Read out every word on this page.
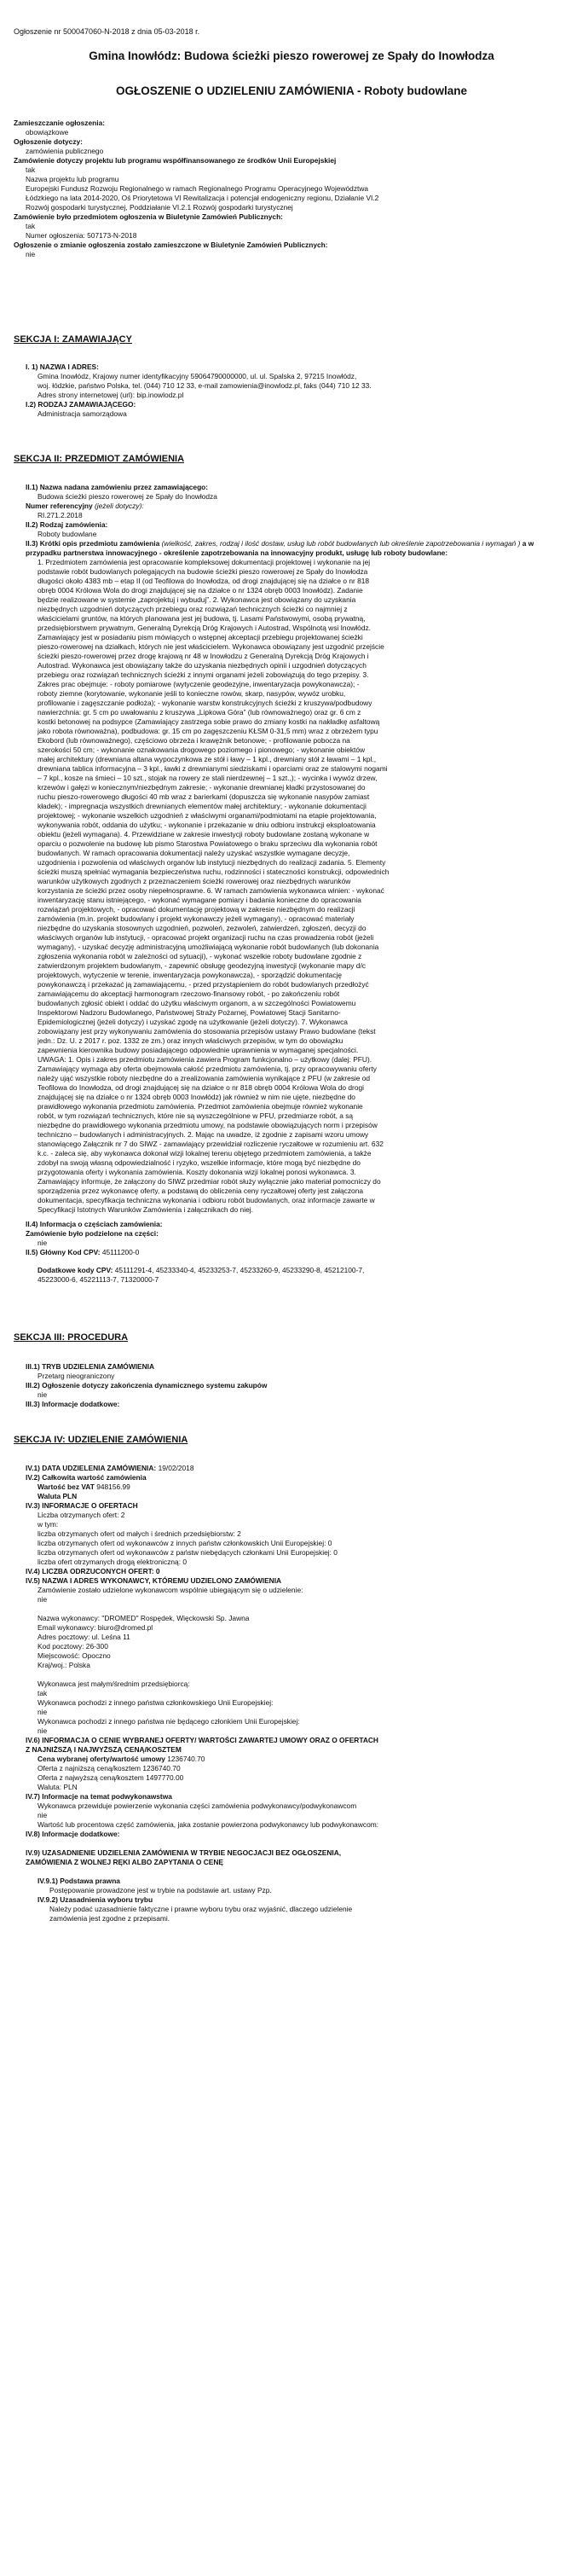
Ogłoszenie nr 500047060-N-2018 z dnia 05-03-2018 r.
Gmina Inowłódz: Budowa ścieżki pieszo rowerowej ze Spały do Inowłodza
OGŁOSZENIE O UDZIELENIU ZAMÓWIENIA - Roboty budowlane
Zamieszczanie ogłoszenia:
obowiązkowe
Ogłoszenie dotyczy:
zamówienia publicznego
Zamówienie dotyczy projektu lub programu współfinansowanego ze środków Unii Europejskiej
tak
Nazwa projektu lub programu
Europejski Fundusz Rozwoju Regionalnego w ramach Regionalnego Programu Operacyjnego Województwa
Łódzkiego na lata 2014-2020, Oś Priorytetowa VI Rewitalizacja i potencjał endogeniczny regionu, Działanie VI.2
Rozwój gospodarki turystycznej, Poddziałanie VI.2.1 Rozwój gospodarki turystycznej
Zamówienie było przedmiotem ogłoszenia w Biuletynie Zamówień Publicznych:
tak
Numer ogłoszenia: 507173-N-2018
Ogłoszenie o zmianie ogłoszenia zostało zamieszczone w Biuletynie Zamówień Publicznych:
nie
SEKCJA I: ZAMAWIAJĄCY
I. 1) NAZWA I ADRES:
Gmina Inowłódz, Krajowy numer identyfikacyjny 59064790000000, ul. ul. Spalska 2, 97215 Inowłódz,
woj. łódzkie, państwo Polska, tel. (044) 710 12 33, e-mail zamowienia@inowlodz.pl, faks (044) 710 12 33.
Adres strony internetowej (url): bip.inowlodz.pl
I.2) RODZAJ ZAMAWIAJĄCEGO:
Administracja samorządowa
SEKCJA II: PRZEDMIOT ZAMÓWIENIA
II.1) Nazwa nadana zamówieniu przez zamawiającego:
Budowa ścieżki pieszo rowerowej ze Spały do Inowłodza
Numer referencyjny (jeżeli dotyczy):
RI.271.2.2018
II.2) Rodzaj zamówienia:
Roboty budowlane
II.3) Krótki opis przedmiotu zamówienia (wielkość, zakres, rodzaj i ilość dostaw, usług lub robót budowlanych lub określenie zapotrzebowania i wymagań ) a w przypadku partnerstwa innowacyjnego - określenie zapotrzebowania na innowacyjny produkt, usługę lub roboty budowlane:
1. Przedmiotem zamówienia jest opracowanie kompleksowej dokumentacji projektowej i wykonanie na jej
podstawie robót budowlanych polegających na budowie ścieżki pieszo rowerowej ze Spały do Inowłodza
długości około 4383 mb – etap II (od Teofilowa do Inowłodza, od drogi znajdującej się na działce o nr 818
obręb 0004 Królowa Wola do drogi znajdującej się na działce o nr 1324 obręb 0003 Inowłódz). Zadanie
będzie realizowane w systemie „zaprojektuj i wybuduj”. 2. Wykonawca jest obowiązany do uzyskania
niezbędnych uzgodnień dotyczących przebiegu oraz rozwiązań technicznych ścieżki co najmniej z
właścicielami gruntów, na których planowana jest jej budowa, tj. Lasami Państwowymi, osobą prywatną,
przedsiębiorstwem prywatnym, Generalną Dyrekcją Dróg Krajowych i Autostrad, Wspólnotą wsi Inowłódz.
Zamawiający jest w posiadaniu pism mówiących o wstępnej akceptacji przebiegu projektowanej ścieżki
pieszo-rowerowej na działkach, których nie jest właścicielem. Wykonawca obowiązany jest uzgodnić przejście
ścieżki pieszo-rowerowej przez drogę krajową nr 48 w Inowłodzu z Generalną Dyrekcją Dróg Krajowych i
Autostrad. Wykonawca jest obowiązany także do uzyskania niezbędnych opinii i uzgodnień dotyczących
przebiegu oraz rozwiązań technicznych ścieżki z innymi organami jeżeli zobowiązują do tego przepisy. 3.
Zakres prac obejmuje: - roboty pomiarowe (wytyczenie geodezyjne, inwentaryzacja powykonawcza); -
roboty ziemne (korytowanie, wykonanie jeśli to konieczne rowów, skarp, nasypów, wywóz urobku,
profilowanie i zagęszczanie podłoża); - wykonanie warstw konstrukcyjnych ścieżki z kruszywa/podbudowy
nawierzchnia: gr. 5 cm po uwałowaniu z kruszywa „Lipkowa Góra” (lub równoważnego) oraz gr. 6 cm z
kostki betonowej na podsypce (Zamawiający zastrzega sobie prawo do zmiany kostki na nakładkę asfaltową
jako robota równoważna), podbudowa: gr. 15 cm po zagęszczeniu KŁSM 0-31,5 mm) wraz z obrzeżem typu
Ekobord (lub równoważnego), częściowo obrzeża i krawężnik betonowe; - profilowanie pobocza na
szerokości 50 cm; - wykonanie oznakowania drogowego poziomego i pionowego; - wykonanie obiektów
małej architektury (drewniana altana wypoczynkowa ze stół i ławy – 1 kpl., drewniany stół z ławami – 1 kpl.,
drewniana tablica informacyjna – 3 kpl., ławki z drewnianymi siedziskami i oparciami oraz ze stalowymi nogami
– 7 kpl., kosze na śmieci – 10 szt., stojak na rowery ze stali nierdzewnej – 1 szt.,); - wycinka i wywóz drzew,
krzewów i gałęzi w koniecznym/niezbędnym zakresie; - wykonanie drewnianej kładki przystosowanej do
ruchu pieszo-rowerowego długości 40 mb wraz z barierkami (dopuszcza się wykonanie nasypów zamiast
kładek); - impregnacja wszystkich drewnianych elementów małej architektury; - wykonanie dokumentacji
projektowej; - wykonanie wszelkich uzgodnień z właściwymi organami/podmiotami na etapie projektowania,
wykonywania robót, oddania do użytku; - wykonanie i przekazanie w dniu odbioru instrukcji eksploatowania
obiektu (jeżeli wymagana). 4. Przewidziane w zakresie inwestycji roboty budowlane zostaną wykonane w
oparciu o pozwolenie na budowę lub pismo Starostwa Powiatowego o braku sprzeciwu dla wykonania robót
budowlanych. W ramach opracowania dokumentacji należy uzyskać wszystkie wymagane decyzje,
uzgodnienia i pozwolenia od właściwych organów lub instytucji niezbędnych do realizacji zadania. 5. Elementy
ścieżki muszą spełniać wymagania bezpieczeństwa ruchu, rodzinności i stateczności konstrukcji, odpowiednich
warunków użytkowych zgodnych z przeznaczeniem ścieżki rowerowej oraz niezbędnych warunków
korzystania ze ścieżki przez osoby niepełnosprawne. 6. W ramach zamówienia wykonawca winien: - wykonać
inwentaryzację stanu istniejącego, - wykonać wymagane pomiary i badania konieczne do opracowania
rozwiązań projektowych, - opracować dokumentację projektową w zakresie niezbędnym do realizacji
zamówienia (m.in. projekt budowlany i projekt wykonawczy jeżeli wymagany), - opracować materiały
niezbędne do uzyskania stosownych uzgodnień, pozwoleń, zezwoleń, zatwierdzeń, zgłoszeń, decyzji do
właściwych organów lub instytucji, - opracować projekt organizacji ruchu na czas prowadzenia robót (jeżeli
wymagany), - uzyskać decyzję administracyjną umożliwiającą wykonanie robót budowlanych (lub dokonania
zgłoszenia wykonania robót w zależności od sytuacji), - wykonać wszelkie roboty budowlane zgodnie z
zatwierdzonym projektem budowlanym, - zapewnić obsługę geodezyjną inwestycji (wykonanie mapy d/c
projektowych, wytyczenie w terenie, inwentaryzacja powykonawcza), - sporządzić dokumentację
powykonawczą i przekazać ją zamawiającemu, - przed przystąpieniem do robót budowlanych przedłożyć
zamawiającemu do akceptacji harmonogram rzeczowo-finansowy robót, - po zakończeniu robót
budowlanych zgłosić obiekt i oddać do użytku właściwym organom, a w szczególności Powiatowemu
Inspektorowi Nadzoru Budowlanego, Państwowej Straży Pożarnej, Powiatowej Stacji Sanitarno-
Epidemiologicznej (jeżeli dotyczy) i uzyskać zgodę na użytkowanie (jeżeli dotyczy). 7. Wykonawca
zobowiązany jest przy wykonywaniu zamówienia do stosowania przepisów ustawy Prawo budowlane (tekst
jedn.: Dz. U. z 2017 r. poz. 1332 ze zm.) oraz innych właściwych przepisów, w tym do obowiązku
zapewnienia kierownika budowy posiadającego odpowiednie uprawnienia w wymaganej specjalności.
UWAGA: 1. Opis i zakres przedmiotu zamówienia zawiera Program funkcjonalno – użytkowy (dalej: PFU).
Zamawiający wymaga aby oferta obejmowała całość przedmiotu zamówienia, tj. przy opracowywaniu oferty
należy ująć wszystkie roboty niezbędne do a zrealizowania zamówienia wynikające z PFU (w zakresie od
Teofilowa do Inowłodza, od drogi znajdującej się na działce o nr 818 obręb 0004 Królowa Wola do drogi
znajdującej się na działce o nr 1324 obręb 0003 Inowłódz) jak również w nim nie ujęte, niezbędne do
prawidłowego wykonania przedmiotu zamówienia. Przedmiot zamówienia obejmuje również wykonanie
robót, w tym rozwiązań technicznych, które nie są wyszczególnione w PFU, przedmiarze robót, a są
niezbędne do prawidłowego wykonania przedmiotu umowy, na podstawie obowiązujących norm i przepisów
techniczno – budowlanych i administracyjnych. 2. Mając na uwadze, iż zgodnie z zapisami wzoru umowy
stanowiącego Załącznik nr 7 do SIWZ - zamawiający przewidział rozliczenie ryczałtowe w rozumieniu art. 632
k.c. - zaleca się, aby wykonawca dokonał wizji lokalnej terenu objętego przedmiotem zamówienia, a także
zdobył na swoją własną odpowiedzialność i ryzyko, wszelkie informacje, które mogą być niezbędne do
przygotowania oferty i wykonania zamówienia. Koszty dokonania wizji lokalnej ponosi wykonawca. 3.
Zamawiający informuje, że załączony do SIWZ przedmiar robót służy wyłącznie jako materiał pomocniczy do
sporządzenia przez wykonawcę oferty, a podstawą do obliczenia ceny ryczałtowej oferty jest załączona
dokumentacja, specyfikacja techniczna wykonania i odbioru robót budowlanych, oraz informacje zawarte w
Specyfikacji Istotnych Warunków Zamówienia i załącznikach do niej.
II.4) Informacja o częściach zamówienia:
Zamówienie było podzielone na części:
nie
II.5) Główny Kod CPV: 45111200-0
Dodatkowe kody CPV: 45111291-4, 45233340-4, 45233253-7, 45233260-9, 45233290-8, 45212100-7,
45223000-6, 45221113-7, 71320000-7
SEKCJA III: PROCEDURA
III.1) TRYB UDZIELENIA ZAMÓWIENIA
Przetarg nieograniczony
III.2) Ogłoszenie dotyczy zakończenia dynamicznego systemu zakupów
nie
III.3) Informacje dodatkowe:
SEKCJA IV: UDZIELENIE ZAMÓWIENIA
IV.1) DATA UDZIELENIA ZAMÓWIENIA: 19/02/2018
IV.2) Całkowita wartość zamówienia
Wartość bez VAT 948156.99
Waluta PLN
IV.3) INFORMACJE O OFERTACH
Liczba otrzymanych ofert: 2
w tym:
liczba otrzymanych ofert od małych i średnich przedsiębiorstw: 2
liczba otrzymanych ofert od wykonawców z innych państw członkowskich Unii Europejskiej: 0
liczba otrzymanych ofert od wykonawców z państw niebędących członkami Unii Europejskiej: 0
liczba ofert otrzymanych drogą elektroniczną: 0
IV.4) LICZBA ODRZUCONYCH OFERT: 0
IV.5) NAZWA I ADRES WYKONAWCY, KTÓREMU UDZIELONO ZAMÓWIENIA
Zamówienie zostało udzielone wykonawcom wspólnie ubiegającym się o udzielenie:
nie
Nazwa wykonawcy: "DROMED" Rospędek, Więckowski Sp. Jawna
Email wykonawcy: biuro@dromed.pl
Adres pocztowy: ul. Leśna 11
Kod pocztowy: 26-300
Miejscowość: Opoczno
Kraj/woj.: Polska
Wykonawca jest małym/średnim przedsiębiorcą:
tak
Wykonawca pochodzi z innego państwa członkowskiego Unii Europejskiej:
nie
Wykonawca pochodzi z innego państwa nie będącego członkiem Unii Europejskiej:
nie
IV.6) INFORMACJA O CENIE WYBRANEJ OFERTY/ WARTOŚCI ZAWARTEJ UMOWY ORAZ O OFERTACH
Z NAJNIŻSZĄ I NAJWYŻSZĄ CENĄ/KOSZTEM
Cena wybranej oferty/wartość umowy 1236740.70
Oferta z najniższą ceną/kosztem 1236740.70
Oferta z najwyższą ceną/kosztem 1497770.00
Waluta: PLN
IV.7) Informacje na temat podwykonawstwa
Wykonawca przewiduje powierzenie wykonania części zamówienia podwykonawcy/podwykonawcom
nie
Wartość lub procentowa część zamówienia, jaka zostanie powierzona podwykonawcy lub podwykonawcom:
IV.8) Informacje dodatkowe:
IV.9) UZASADNIENIE UDZIELENIA ZAMÓWIENIA W TRYBIE NEGOCJACJI BEZ OGŁOSZENIA,
ZAMÓWIENIA Z WOLNEJ RĘKI ALBO ZAPYTANIA O CENĘ
IV.9.1) Podstawa prawna
Postępowanie prowadzone jest w trybie na podstawie art. ustawy Pzp.
IV.9.2) Uzasadnienia wyboru trybu
Należy podać uzasadnienie faktyczne i prawne wyboru trybu oraz wyjaśnić, dlaczego udzielenie
zamówienia jest zgodne z przepisami.
